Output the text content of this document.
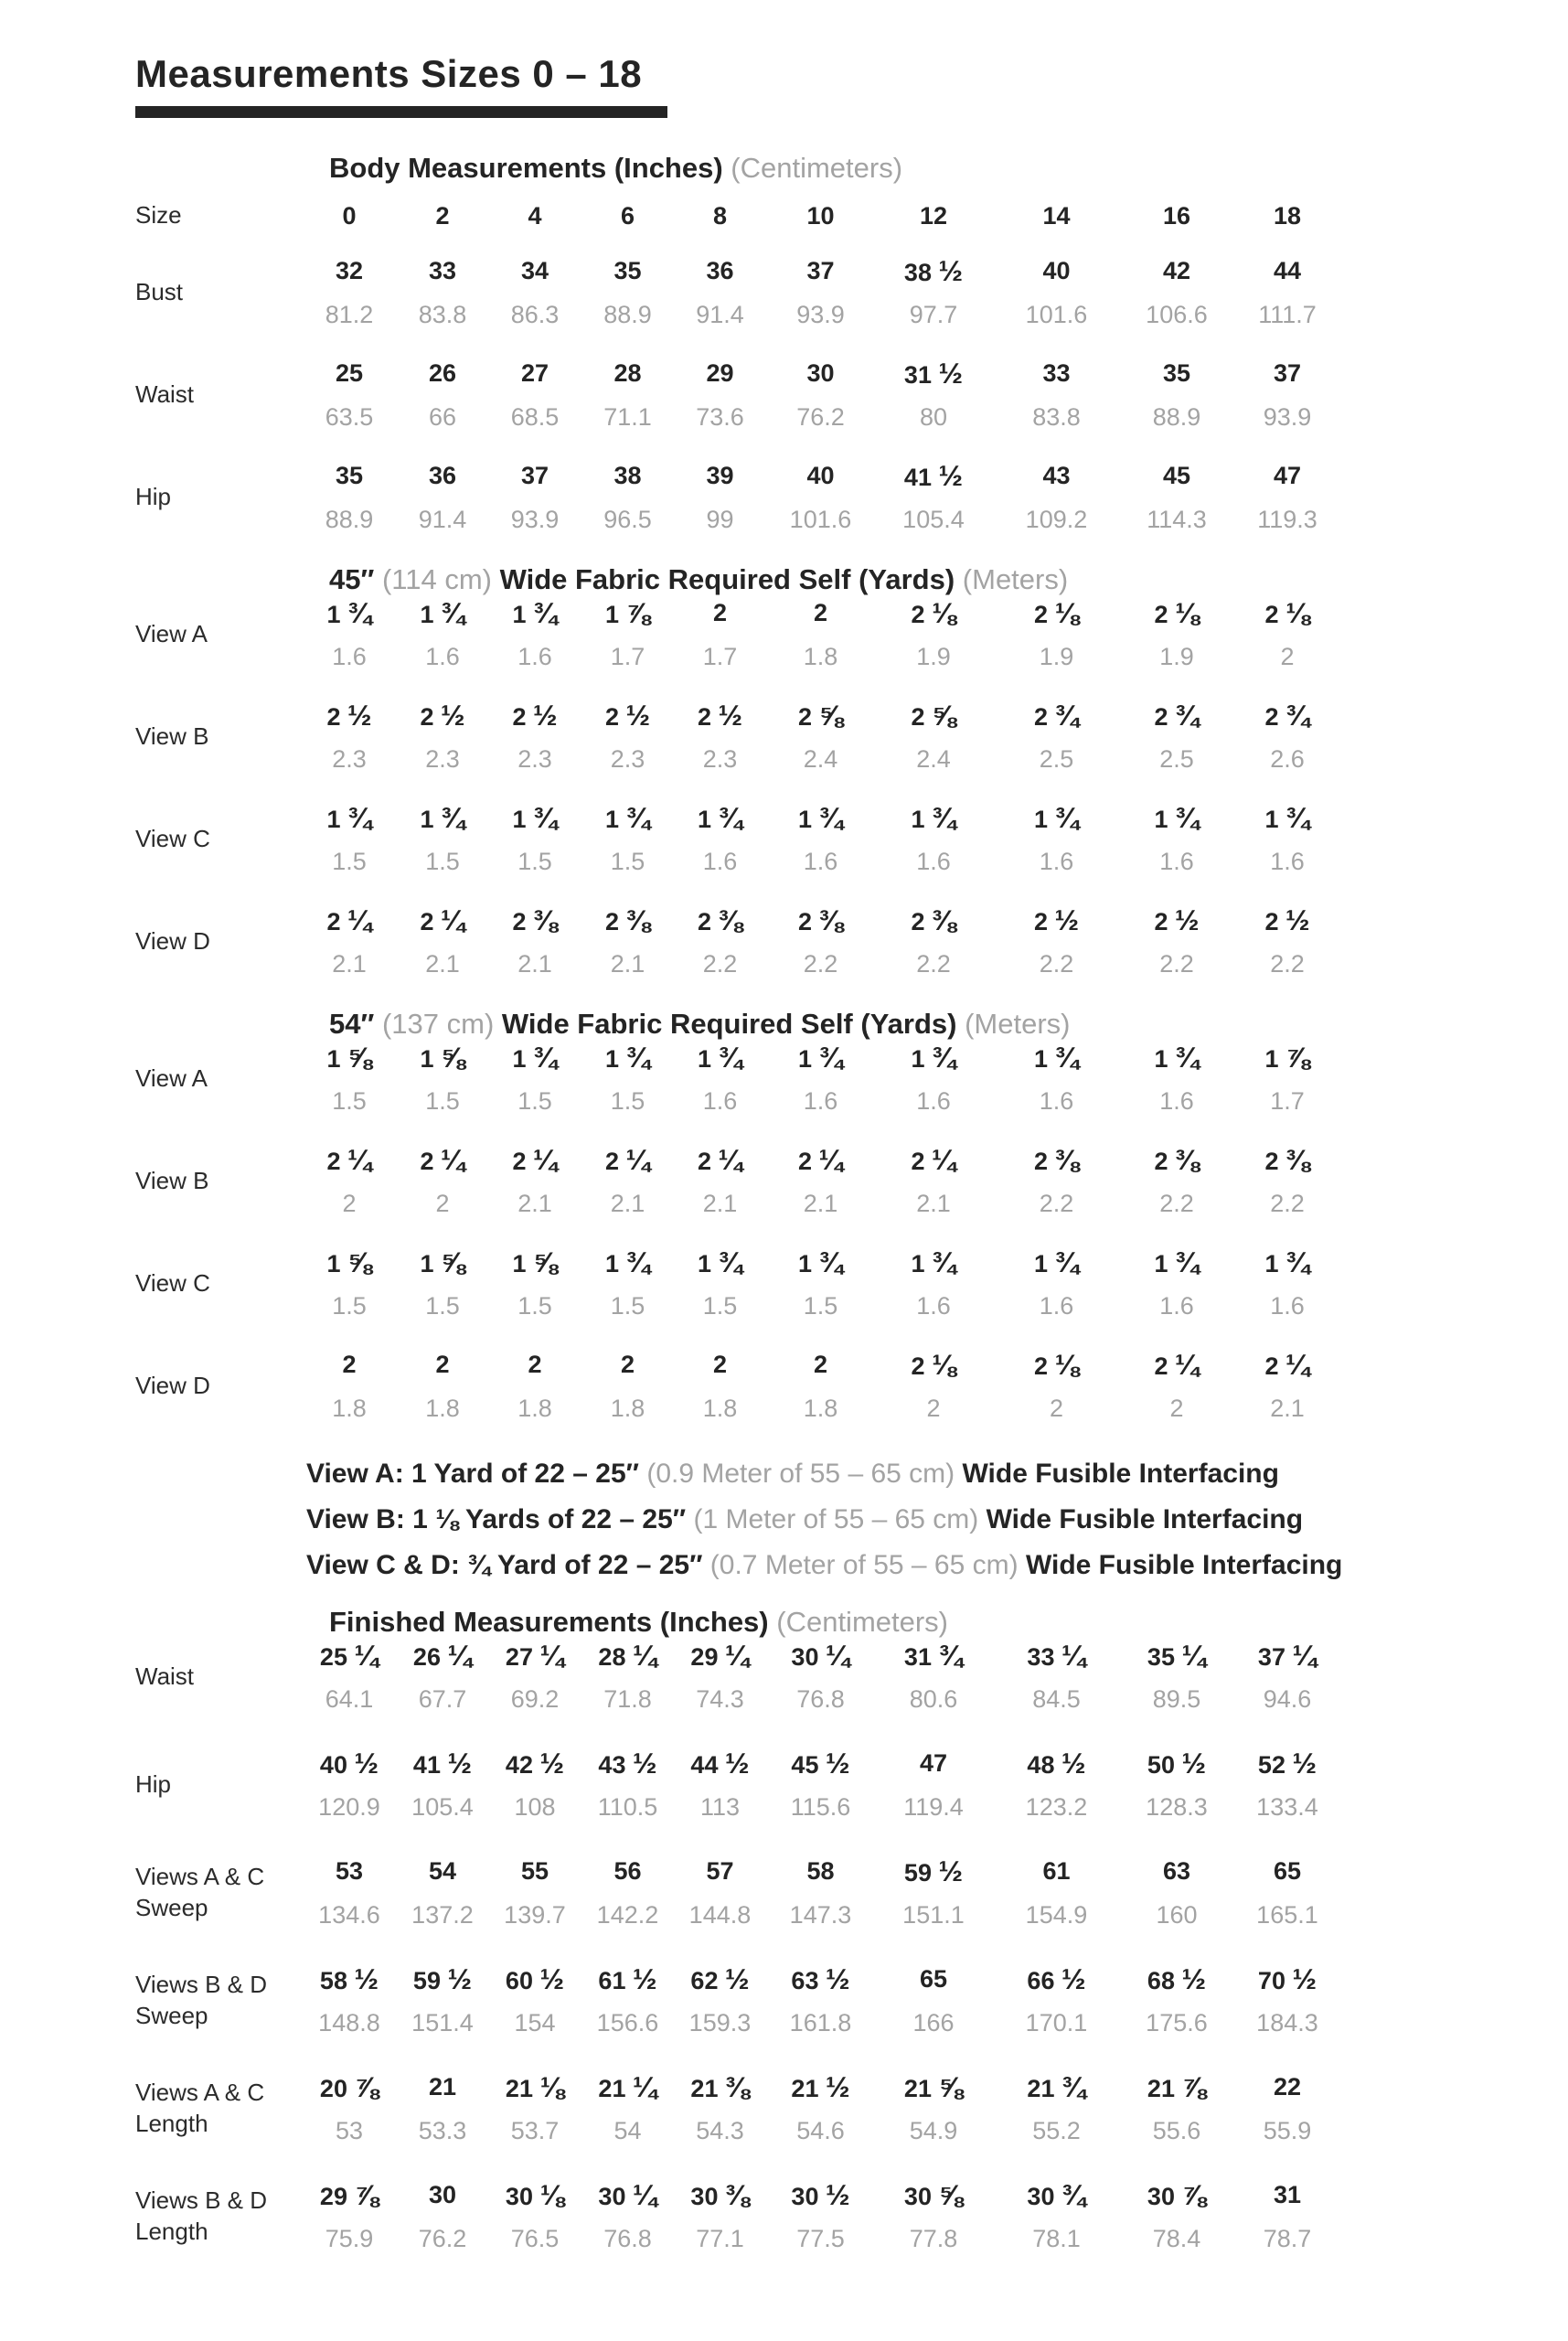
Measurements Sizes 0 – 18
Body Measurements (Inches) (Centimeters)
Size	0	2	4	6	8	10	12	14	16	18
Bust
32	33	34	35	36	37	38 ½	40	42	44
81.2	83.8	86.3	88.9	91.4	93.9	97.7	101.6	106.6	111.7
Waist
25	26	27	28	29	30	31 ½	33	35	37
63.5	66	68.5	71.1	73.6	76.2	80	83.8	88.9	93.9
Hip
35	36	37	38	39	40	41 ½	43	45	47
88.9	91.4	93.9	96.5	99	101.6	105.4	109.2	114.3	119.3
45″ (114 cm) Wide Fabric Required Self (Yards) (Meters)
View A
1 ¾	1 ¾	1 ¾	1 ⅞	2	2	2 ⅛	2 ⅛	2 ⅛	2 ⅛
1.6	1.6	1.6	1.7	1.7	1.8	1.9	1.9	1.9	2
View B
2 ½	2 ½	2 ½	2 ½	2 ½	2 ⅝	2 ⅝	2 ¾	2 ¾	2 ¾
2.3	2.3	2.3	2.3	2.3	2.4	2.4	2.5	2.5	2.6
View C
1 ¾	1 ¾	1 ¾	1 ¾	1 ¾	1 ¾	1 ¾	1 ¾	1 ¾	1 ¾
1.5	1.5	1.5	1.5	1.6	1.6	1.6	1.6	1.6	1.6
View D
2 ¼	2 ¼	2 ⅜	2 ⅜	2 ⅜	2 ⅜	2 ⅜	2 ½	2 ½	2 ½
2.1	2.1	2.1	2.1	2.2	2.2	2.2	2.2	2.2	2.2
54″ (137 cm) Wide Fabric Required Self (Yards) (Meters)
View A
1 ⅝	1 ⅝	1 ¾	1 ¾	1 ¾	1 ¾	1 ¾	1 ¾	1 ¾	1 ⅞
1.5	1.5	1.5	1.5	1.6	1.6	1.6	1.6	1.6	1.7
View B
2 ¼	2 ¼	2 ¼	2 ¼	2 ¼	2 ¼	2 ¼	2 ⅜	2 ⅜	2 ⅜
2	2	2.1	2.1	2.1	2.1	2.1	2.2	2.2	2.2
View C
1 ⅝	1 ⅝	1 ⅝	1 ¾	1 ¾	1 ¾	1 ¾	1 ¾	1 ¾	1 ¾
1.5	1.5	1.5	1.5	1.5	1.5	1.6	1.6	1.6	1.6
View D
2	2	2	2	2	2	2 ⅛	2 ⅛	2 ¼	2 ¼
1.8	1.8	1.8	1.8	1.8	1.8	2	2	2	2.1
View A: 1 Yard of 22 – 25″ (0.9 Meter of 55 – 65 cm) Wide Fusible Interfacing
View B: 1 ⅛ Yards of 22 – 25″ (1 Meter of 55 – 65 cm) Wide Fusible Interfacing
View C & D: ¾ Yard of 22 – 25″ (0.7 Meter of 55 – 65 cm) Wide Fusible Interfacing
Finished Measurements (Inches) (Centimeters)
Waist
25 ¼	26 ¼	27 ¼	28 ¼	29 ¼	30 ¼	31 ¾	33 ¼	35 ¼	37 ¼
64.1	67.7	69.2	71.8	74.3	76.8	80.6	84.5	89.5	94.6
Hip
40 ½	41 ½	42 ½	43 ½	44 ½	45 ½	47	48 ½	50 ½	52 ½
120.9	105.4	108	110.5	113	115.6	119.4	123.2	128.3	133.4
Views A & C
Sweep
53	54	55	56	57	58	59 ½	61	63	65
134.6	137.2	139.7	142.2	144.8	147.3	151.1	154.9	160	165.1
Views B & D
Sweep
58 ½	59 ½	60 ½	61 ½	62 ½	63 ½	65	66 ½	68 ½	70 ½
148.8	151.4	154	156.6	159.3	161.8	166	170.1	175.6	184.3
Views A & C
Length
20 ⅞	21	21 ⅛	21 ¼	21 ⅜	21 ½	21 ⅝	21 ¾	21 ⅞	22
53	53.3	53.7	54	54.3	54.6	54.9	55.2	55.6	55.9
Views B & D
Length
29 ⅞	30	30 ⅛	30 ¼	30 ⅜	30 ½	30 ⅝	30 ¾	30 ⅞	31
75.9	76.2	76.5	76.8	77.1	77.5	77.8	78.1	78.4	78.7
